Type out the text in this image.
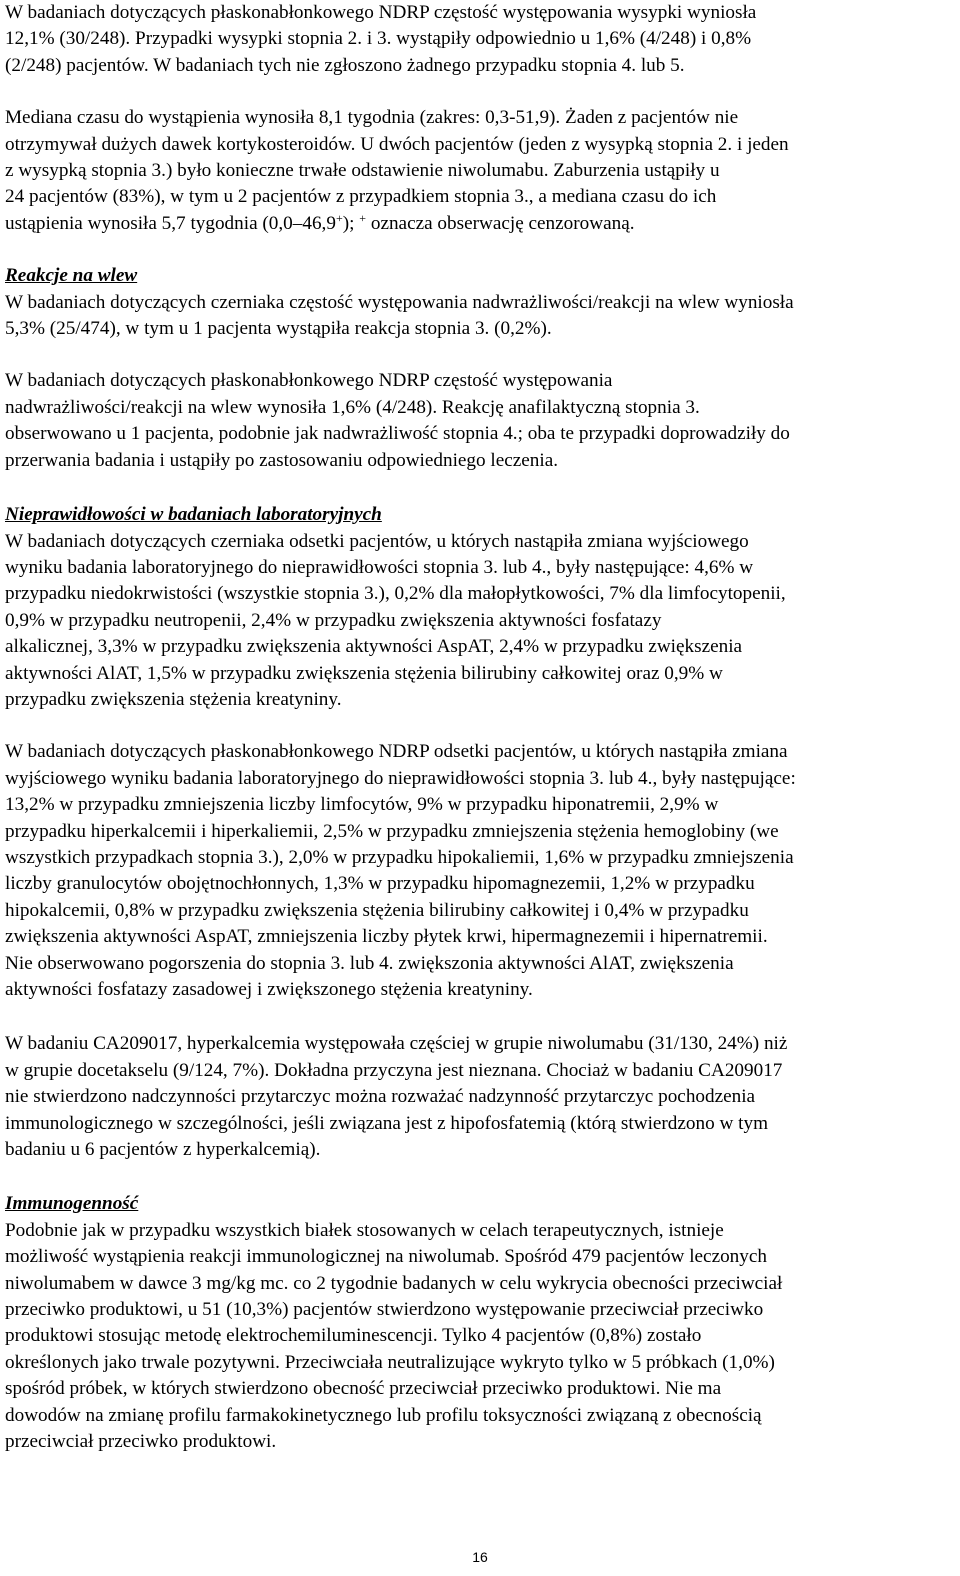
W badaniach dotyczących płaskonabłonkowego NDRP częstość występowania wysypki wyniosła
12,1% (30/248). Przypadki wysypki stopnia 2. i 3. wystąpiły odpowiednio u 1,6% (4/248) i 0,8%
(2/248) pacjentów. W badaniach tych nie zgłoszono żadnego przypadku stopnia 4. lub 5.

Mediana czasu do wystąpienia wynosiła 8,1 tygodnia (zakres: 0,3-51,9). Żaden z pacjentów nie
otrzymywał dużych dawek kortykosteroidów. U dwóch pacjentów (jeden z wysypką stopnia 2. i jeden
z wysypką stopnia 3.) było konieczne trwałe odstawienie niwolumabu. Zaburzenia ustąpiły u
24 pacjentów (83%), w tym u 2 pacjentów z przypadkiem stopnia 3., a mediana czasu do ich
ustąpienia wynosiła 5,7 tygodnia (0,0–46,9+); + oznacza obserwację cenzorowaną.

Reakcje na wlew

W badaniach dotyczących czerniaka częstość występowania nadwrażliwości/reakcji na wlew wyniosła
5,3% (25/474), w tym u 1 pacjenta wystąpiła reakcja stopnia 3. (0,2%).

W badaniach dotyczących płaskonabłonkowego NDRP częstość występowania
nadwrażliwości/reakcji na wlew wynosiła 1,6% (4/248). Reakcję anafilaktyczną stopnia 3.
obserwowano u 1 pacjenta, podobnie jak nadwrażliwość stopnia 4.; oba te przypadki doprowadziły do
przerwania badania i ustąpiły po zastosowaniu odpowiedniego leczenia.

Nieprawidłowości w badaniach laboratoryjnych

W badaniach dotyczących czerniaka odsetki pacjentów, u których nastąpiła zmiana wyjściowego
wyniku badania laboratoryjnego do nieprawidłowości stopnia 3. lub 4., były następujące: 4,6% w
przypadku niedokrwistości (wszystkie stopnia 3.), 0,2% dla małopłytkowości, 7% dla limfocytopenii,
0,9% w przypadku neutropenii, 2,4% w przypadku zwiększenia aktywności fosfatazy
alkalicznej, 3,3% w przypadku zwiększenia aktywności AspAT, 2,4% w przypadku zwiększenia
aktywności AlAT, 1,5% w przypadku zwiększenia stężenia bilirubiny całkowitej oraz 0,9% w
przypadku zwiększenia stężenia kreatyniny.

W badaniach dotyczących płaskonabłonkowego NDRP odsetki pacjentów, u których nastąpiła zmiana
wyjściowego wyniku badania laboratoryjnego do nieprawidłowości stopnia 3. lub 4., były następujące:
13,2% w przypadku zmniejszenia liczby limfocytów, 9% w przypadku hiponatremii, 2,9% w
przypadku hiperkalcemii i hiperkaliemii, 2,5% w przypadku zmniejszenia stężenia hemoglobiny (we
wszystkich przypadkach stopnia 3.), 2,0% w przypadku hipokaliemii, 1,6% w przypadku zmniejszenia
liczby granulocytów obojętnochłonnych, 1,3% w przypadku hipomagnezemii, 1,2% w przypadku
hipokalcemii, 0,8% w przypadku zwiększenia stężenia bilirubiny całkowitej i 0,4% w przypadku
zwiększenia aktywności AspAT, zmniejszenia liczby płytek krwi, hipermagnezemii i hipernatremii.
Nie obserwowano pogorszenia do stopnia 3. lub 4. zwiększonia aktywności AlAT, zwiększenia
aktywności fosfatazy zasadowej i zwiększonego stężenia kreatyniny.

W badaniu CA209017, hyperkalcemia występowała częściej w grupie niwolumabu (31/130, 24%) niż
w grupie docetakselu (9/124, 7%). Dokładna przyczyna jest nieznana. Chociaż w badaniu CA209017
nie stwierdzono nadczynności przytarczyc można rozważać nadzynność przytarczyc pochodzenia
immunologicznego w szczególności, jeśli związana jest z hipofosfatemią (którą stwierdzono w tym
badaniu u 6 pacjentów z hyperkalcemią).

Immunogenność

Podobnie jak w przypadku wszystkich białek stosowanych w celach terapeutycznych, istnieje
możliwość wystąpienia reakcji immunologicznej na niwolumab. Spośród 479 pacjentów leczonych
niwolumabem w dawce 3 mg/kg mc. co 2 tygodnie badanych w celu wykrycia obecności przeciwciał
przeciwko produktowi, u 51 (10,3%) pacjentów stwierdzono występowanie przeciwciał przeciwko
produktowi stosując metodę elektrochemiluminescencji. Tylko 4 pacjentów (0,8%) zostało
określonych jako trwale pozytywni. Przeciwciała neutralizujące wykryto tylko w 5 próbkach (1,0%)
spośród próbek, w których stwierdzono obecność przeciwciał przeciwko produktowi. Nie ma
dowodów na zmianę profilu farmakokinetycznego lub profilu toksyczności związaną z obecnością
przeciwciał przeciwko produktowi.

16
